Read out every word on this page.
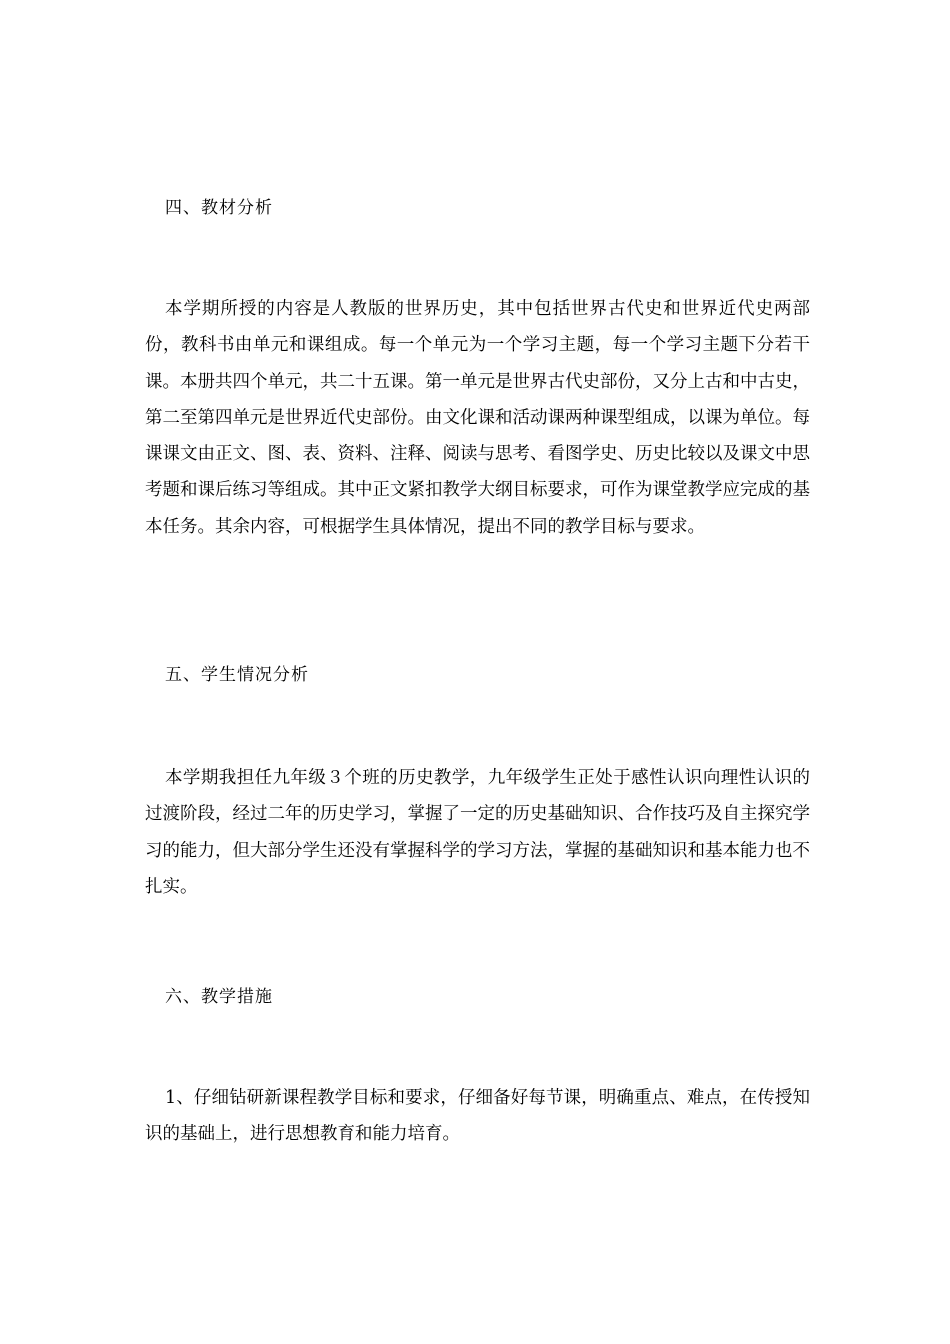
四、教材分析

本学期所授的内容是人教版的世界历史，其中包括世界古代史和世界近代史两部份，教科书由单元和课组成。每一个单元为一个学习主题，每一个学习主题下分若干课。本册共四个单元，共二十五课。第一单元是世界古代史部份，又分上古和中古史，第二至第四单元是世界近代史部份。由文化课和活动课两种课型组成，以课为单位。每课课文由正文、图、表、资料、注释、阅读与思考、看图学史、历史比较以及课文中思考题和课后练习等组成。其中正文紧扣教学大纲目标要求，可作为课堂教学应完成的基本任务。其余内容，可根据学生具体情况，提出不同的教学目标与要求。

五、学生情况分析

本学期我担任九年级３个班的历史教学，九年级学生正处于感性认识向理性认识的过渡阶段，经过二年的历史学习，掌握了一定的历史基础知识、合作技巧及自主探究学习的能力，但大部分学生还没有掌握科学的学习方法，掌握的基础知识和基本能力也不扎实。

六、教学措施

1、仔细钻研新课程教学目标和要求，仔细备好每节课，明确重点、难点，在传授知识的基础上，进行思想教育和能力培育。
